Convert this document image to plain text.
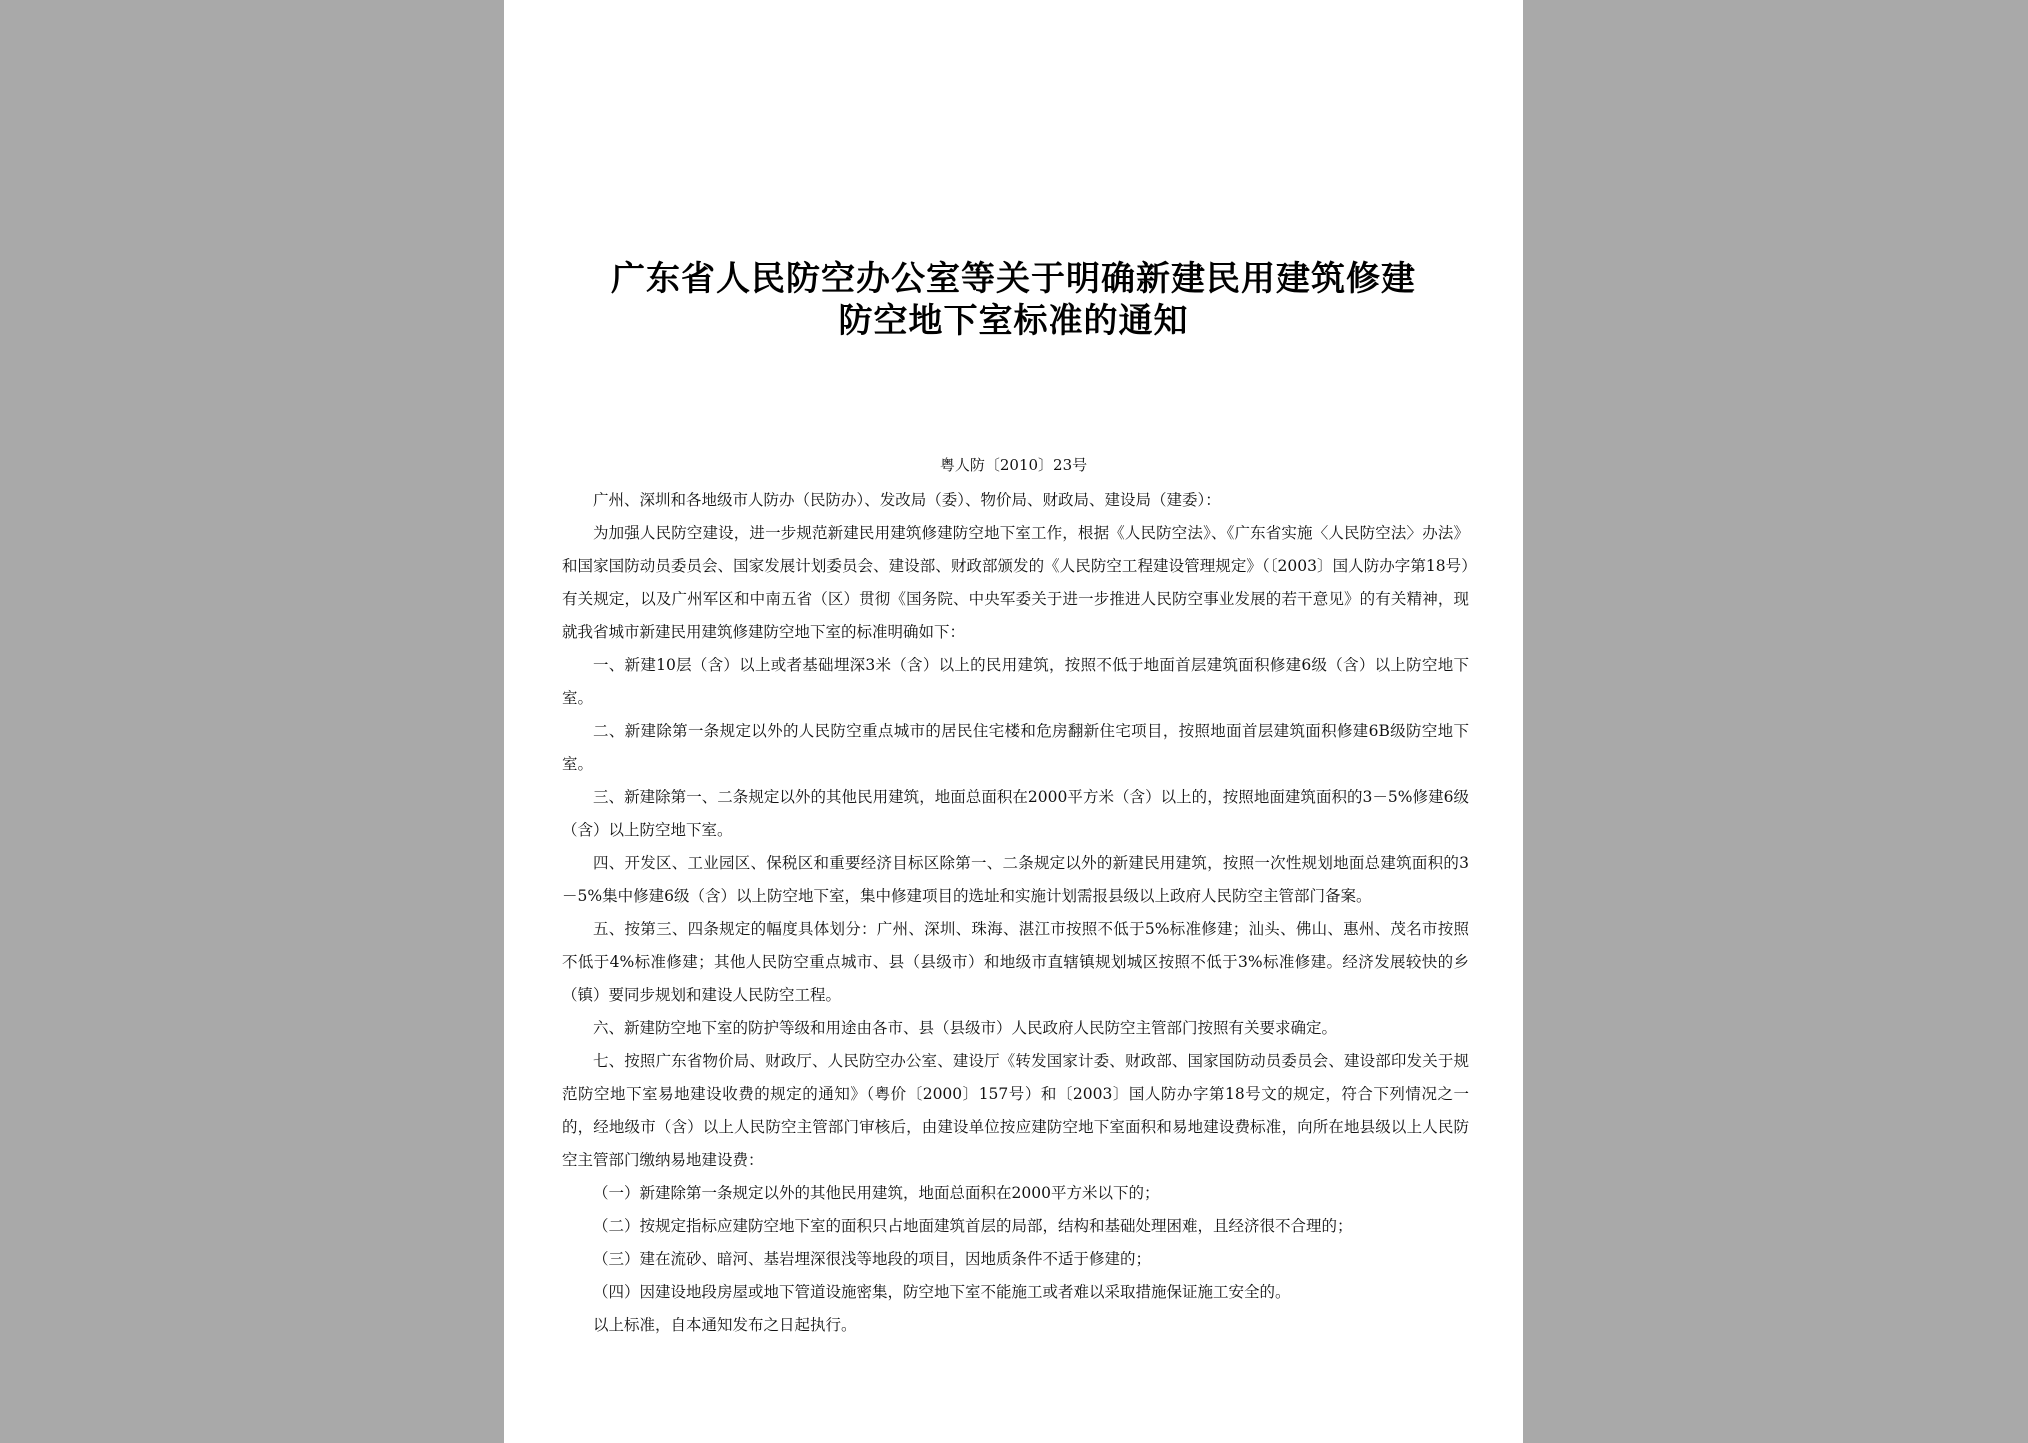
广东省人民防空办公室等关于明确新建民用建筑修建
防空地下室标准的通知
粤人防〔2010〕23号

广州、深圳和各地级市人防办（民防办）、发改局（委）、物价局、财政局、建设局（建委）：

为加强人民防空建设，进一步规范新建民用建筑修建防空地下室工作，根据《人民防空法》、《广东省实施〈人民防空法〉办法》和国家国防动员委员会、国家发展计划委员会、建设部、财政部颁发的《人民防空工程建设管理规定》（〔2003〕国人防办字第18号）有关规定，以及广州军区和中南五省（区）贯彻《国务院、中央军委关于进一步推进人民防空事业发展的若干意见》的有关精神，现就我省城市新建民用建筑修建防空地下室的标准明确如下：

一、新建10层（含）以上或者基础埋深3米（含）以上的民用建筑，按照不低于地面首层建筑面积修建6级（含）以上防空地下室。

二、新建除第一条规定以外的人民防空重点城市的居民住宅楼和危房翻新住宅项目，按照地面首层建筑面积修建6B级防空地下室。

三、新建除第一、二条规定以外的其他民用建筑，地面总面积在2000平方米（含）以上的，按照地面建筑面积的3－5%修建6级（含）以上防空地下室。

四、开发区、工业园区、保税区和重要经济目标区除第一、二条规定以外的新建民用建筑，按照一次性规划地面总建筑面积的3－5%集中修建6级（含）以上防空地下室，集中修建项目的选址和实施计划需报县级以上政府人民防空主管部门备案。

五、按第三、四条规定的幅度具体划分：广州、深圳、珠海、湛江市按照不低于5%标准修建；汕头、佛山、惠州、茂名市按照不低于4%标准修建；其他人民防空重点城市、县（县级市）和地级市直辖镇规划城区按照不低于3%标准修建。经济发展较快的乡（镇）要同步规划和建设人民防空工程。

六、新建防空地下室的防护等级和用途由各市、县（县级市）人民政府人民防空主管部门按照有关要求确定。

七、按照广东省物价局、财政厅、人民防空办公室、建设厅《转发国家计委、财政部、国家国防动员委员会、建设部印发关于规范防空地下室易地建设收费的规定的通知》（粤价〔2000〕157号）和〔2003〕国人防办字第18号文的规定，符合下列情况之一的，经地级市（含）以上人民防空主管部门审核后，由建设单位按应建防空地下室面积和易地建设费标准，向所在地县级以上人民防空主管部门缴纳易地建设费：

（一）新建除第一条规定以外的其他民用建筑，地面总面积在2000平方米以下的；

（二）按规定指标应建防空地下室的面积只占地面建筑首层的局部，结构和基础处理困难，且经济很不合理的；

（三）建在流砂、暗河、基岩埋深很浅等地段的项目，因地质条件不适于修建的；

（四）因建设地段房屋或地下管道设施密集，防空地下室不能施工或者难以采取措施保证施工安全的。

以上标准，自本通知发布之日起执行。
